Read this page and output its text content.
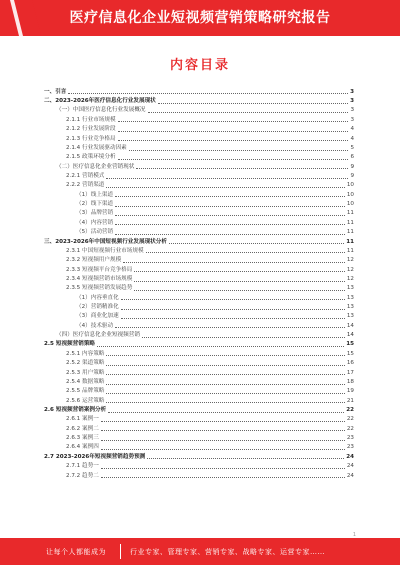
医疗信息化企业短视频营销策略研究报告
内容目录
一、引言	3
二、2023-2026年医疗信息化行业发展现状	3
（一）中国医疗信息化行业发展概况	3
2.1.1 行业市场规模	3
2.1.2 行业发展阶段	4
2.1.3 行业竞争格局	4
2.1.4 行业发展驱动因素	5
2.1.5 政策环境分析	6
（二）医疗信息化企业营销现状	9
2.2.1 营销模式	9
2.2.2 营销渠道	10
（1）线上渠道	10
（2）线下渠道	10
（3）品牌营销	11
（4）内容营销	11
（5）活动营销	11
三、2023-2026年中国短视频行业发展现状分析	11
2.3.1 中国短视频行业市场规模	11
2.3.2 短视频用户规模	12
2.3.3 短视频平台竞争格局	12
2.3.4 短视频营销市场规模	12
2.3.5 短视频营销发展趋势	13
（1）内容垂直化	13
（2）营销精准化	13
（3）商业化加速	13
（4）技术驱动	14
（四）医疗信息化企业短视频营销	14
2.5 短视频营销策略	15
2.5.1 内容策略	15
2.5.2 渠道策略	16
2.5.3 用户策略	17
2.5.4 数据策略	18
2.5.5 品牌策略	19
2.5.6 运营策略	21
2.6 短视频营销案例分析	22
2.6.1 案例一	22
2.6.2 案例二	22
2.6.3 案例三	23
2.6.4 案例四	23
2.7 2023-2026年短视频营销趋势预测	24
2.7.1 趋势一	24
2.7.2 趋势二	24
1
让每个人都能成为	行业专家、管理专家、营销专家、战略专家、运营专家……
